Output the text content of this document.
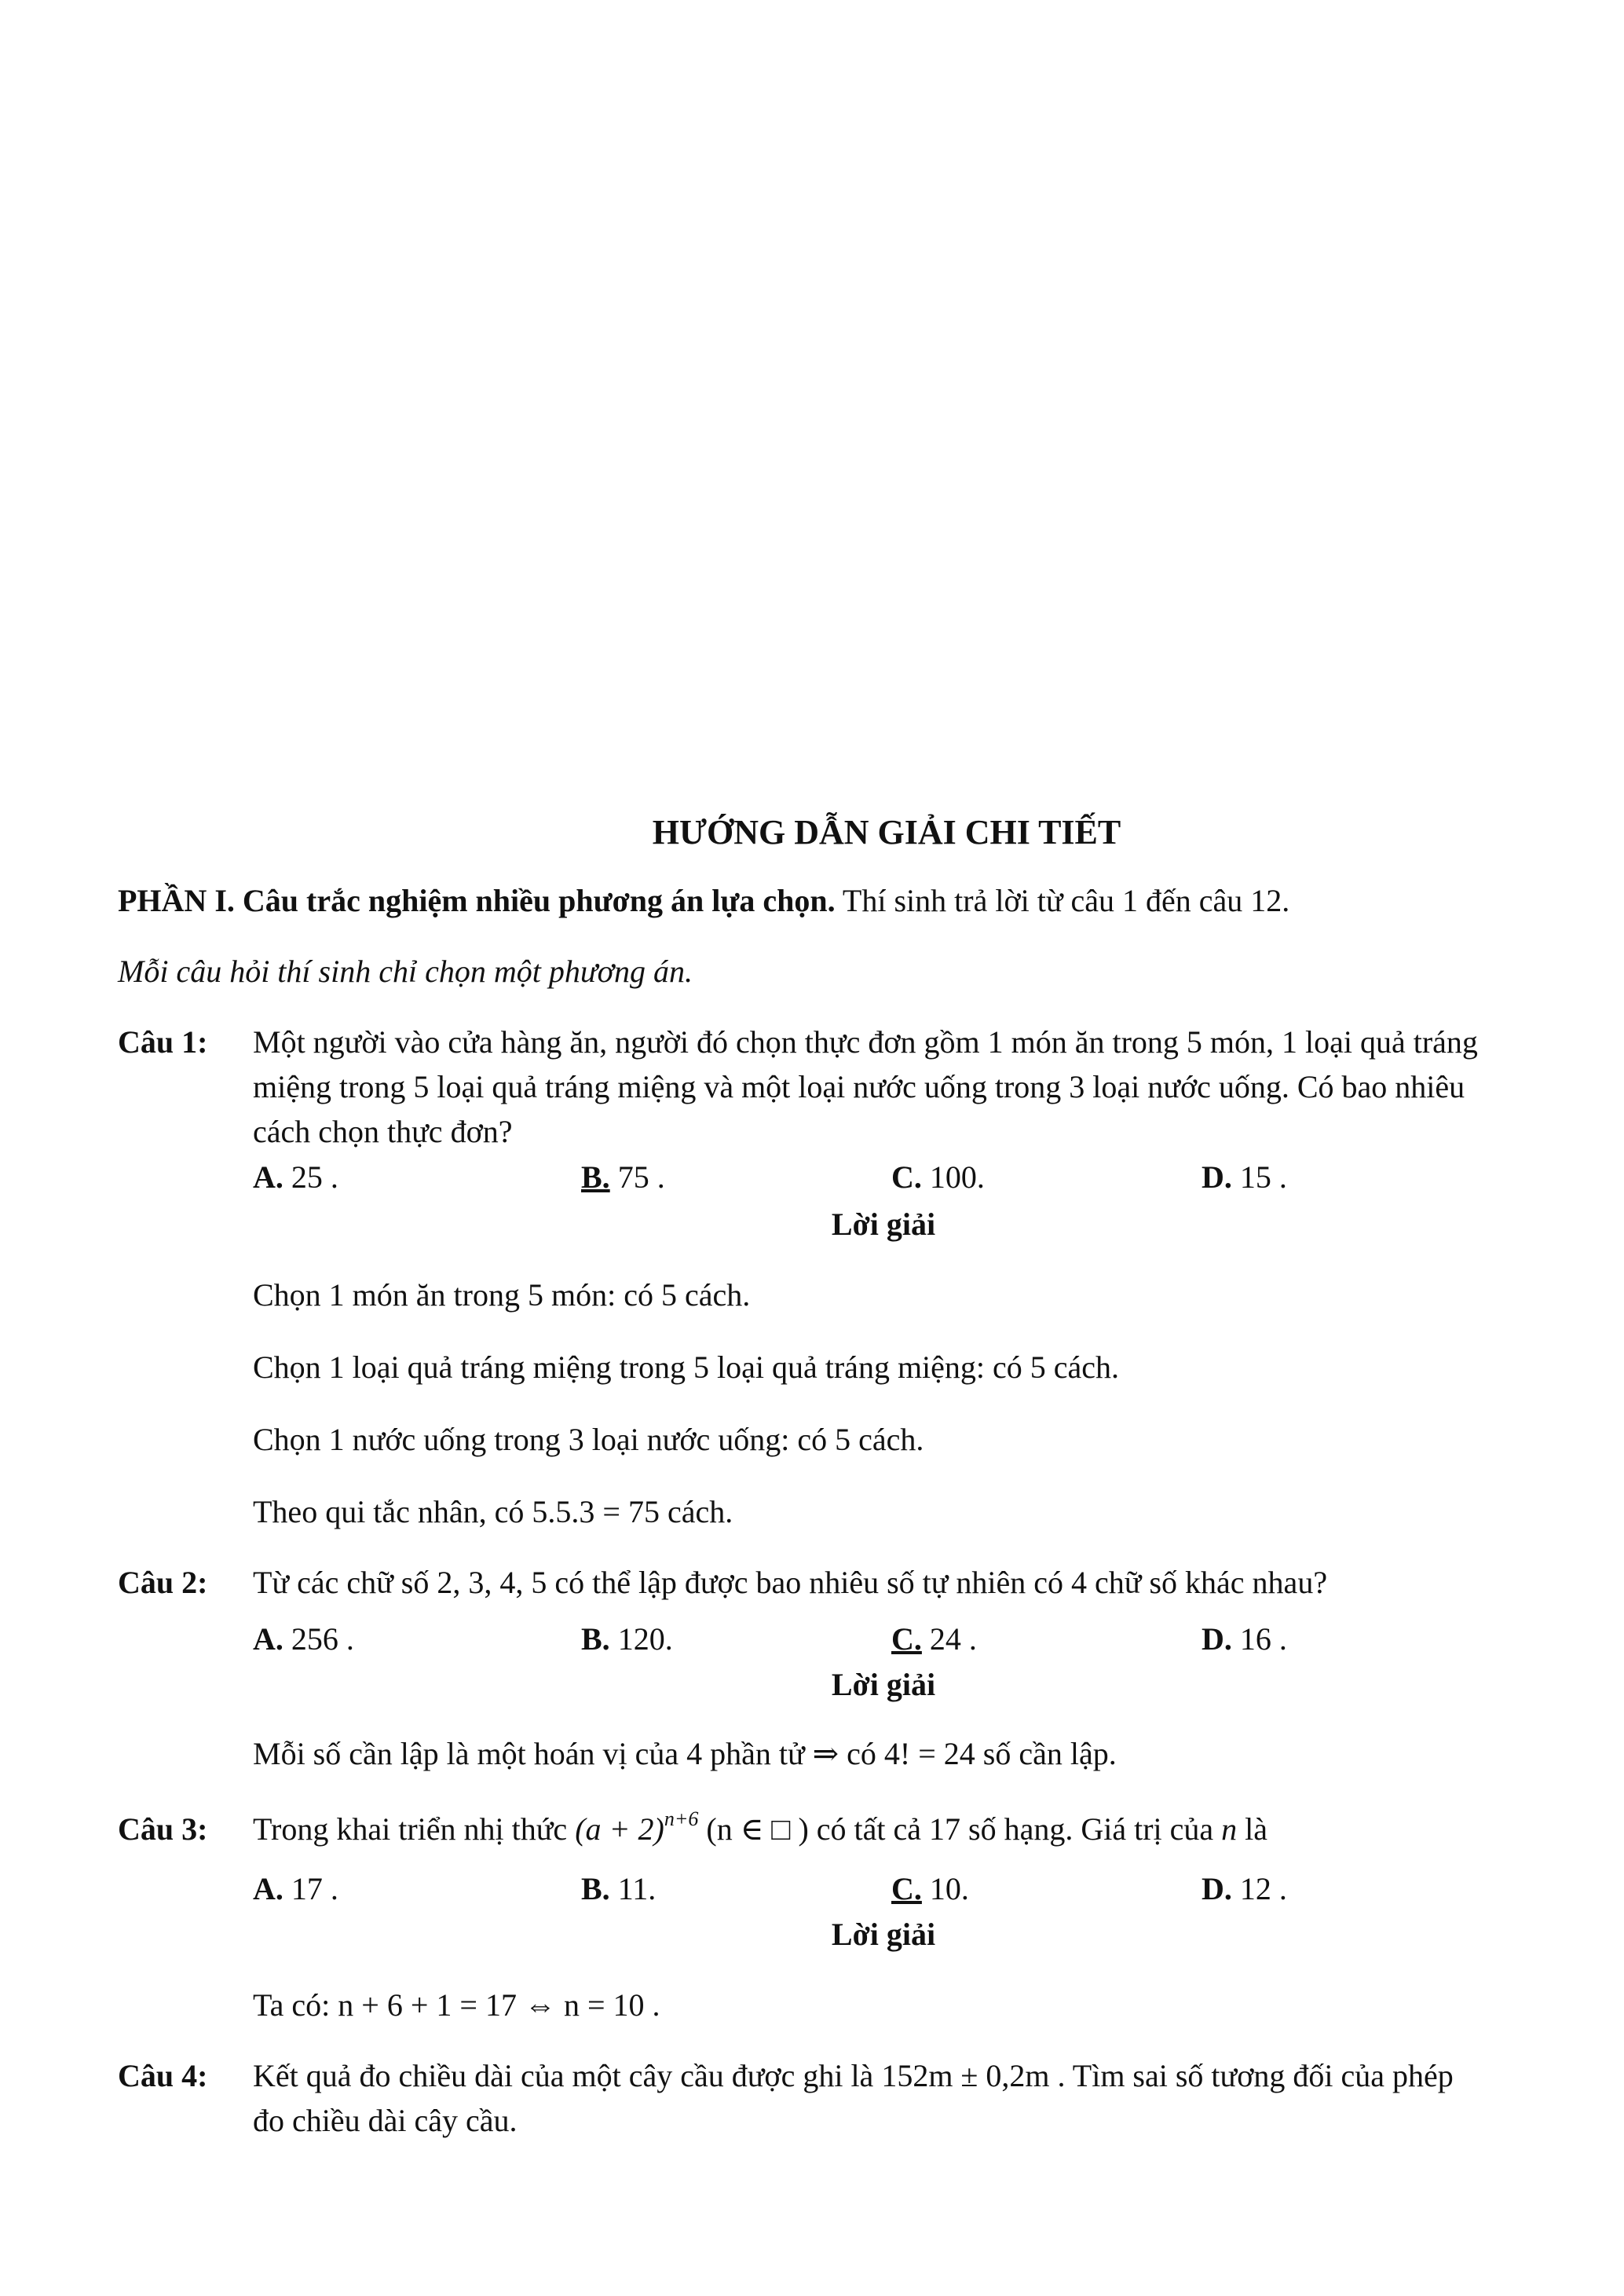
HƯỚNG DẪN GIẢI CHI TIẾT
PHẦN I. Câu trắc nghiệm nhiều phương án lựa chọn. Thí sinh trả lời từ câu 1 đến câu 12.
Mỗi câu hỏi thí sinh chỉ chọn một phương án.
Câu 1: Một người vào cửa hàng ăn, người đó chọn thực đơn gồm 1 món ăn trong 5 món, 1 loại quả tráng
miệng trong 5 loại quả tráng miệng và một loại nước uống trong 3 loại nước uống. Có bao nhiêu
cách chọn thực đơn?
A. 25 .	B. 75 .	C. 100.	D. 15 .
Lời giải
Chọn 1 món ăn trong 5 món: có 5 cách.
Chọn 1 loại quả tráng miệng trong 5 loại quả tráng miệng: có 5 cách.
Chọn 1 nước uống trong 3 loại nước uống: có 5 cách.
Theo qui tắc nhân, có 5.5.3 = 75 cách.
Câu 2: Từ các chữ số 2, 3, 4, 5 có thể lập được bao nhiêu số tự nhiên có 4 chữ số khác nhau?
A. 256 .	B. 120.	C. 24 .	D. 16 .
Lời giải
Mỗi số cần lập là một hoán vị của 4 phần tử ⇒ có 4! = 24 số cần lập.
Câu 3: Trong khai triển nhị thức $(a + 2)^{n+6}$ (n ∈ □ ) có tất cả 17 số hạng. Giá trị của n là
A. 17 .	B. 11.	C. 10.	D. 12 .
Lời giải
Ta có: n + 6 + 1 = 17 ⇔ n = 10 .
Câu 4: Kết quả đo chiều dài của một cây cầu được ghi là 152m ± 0,2m . Tìm sai số tương đối của phép
đo chiều dài cây cầu.
